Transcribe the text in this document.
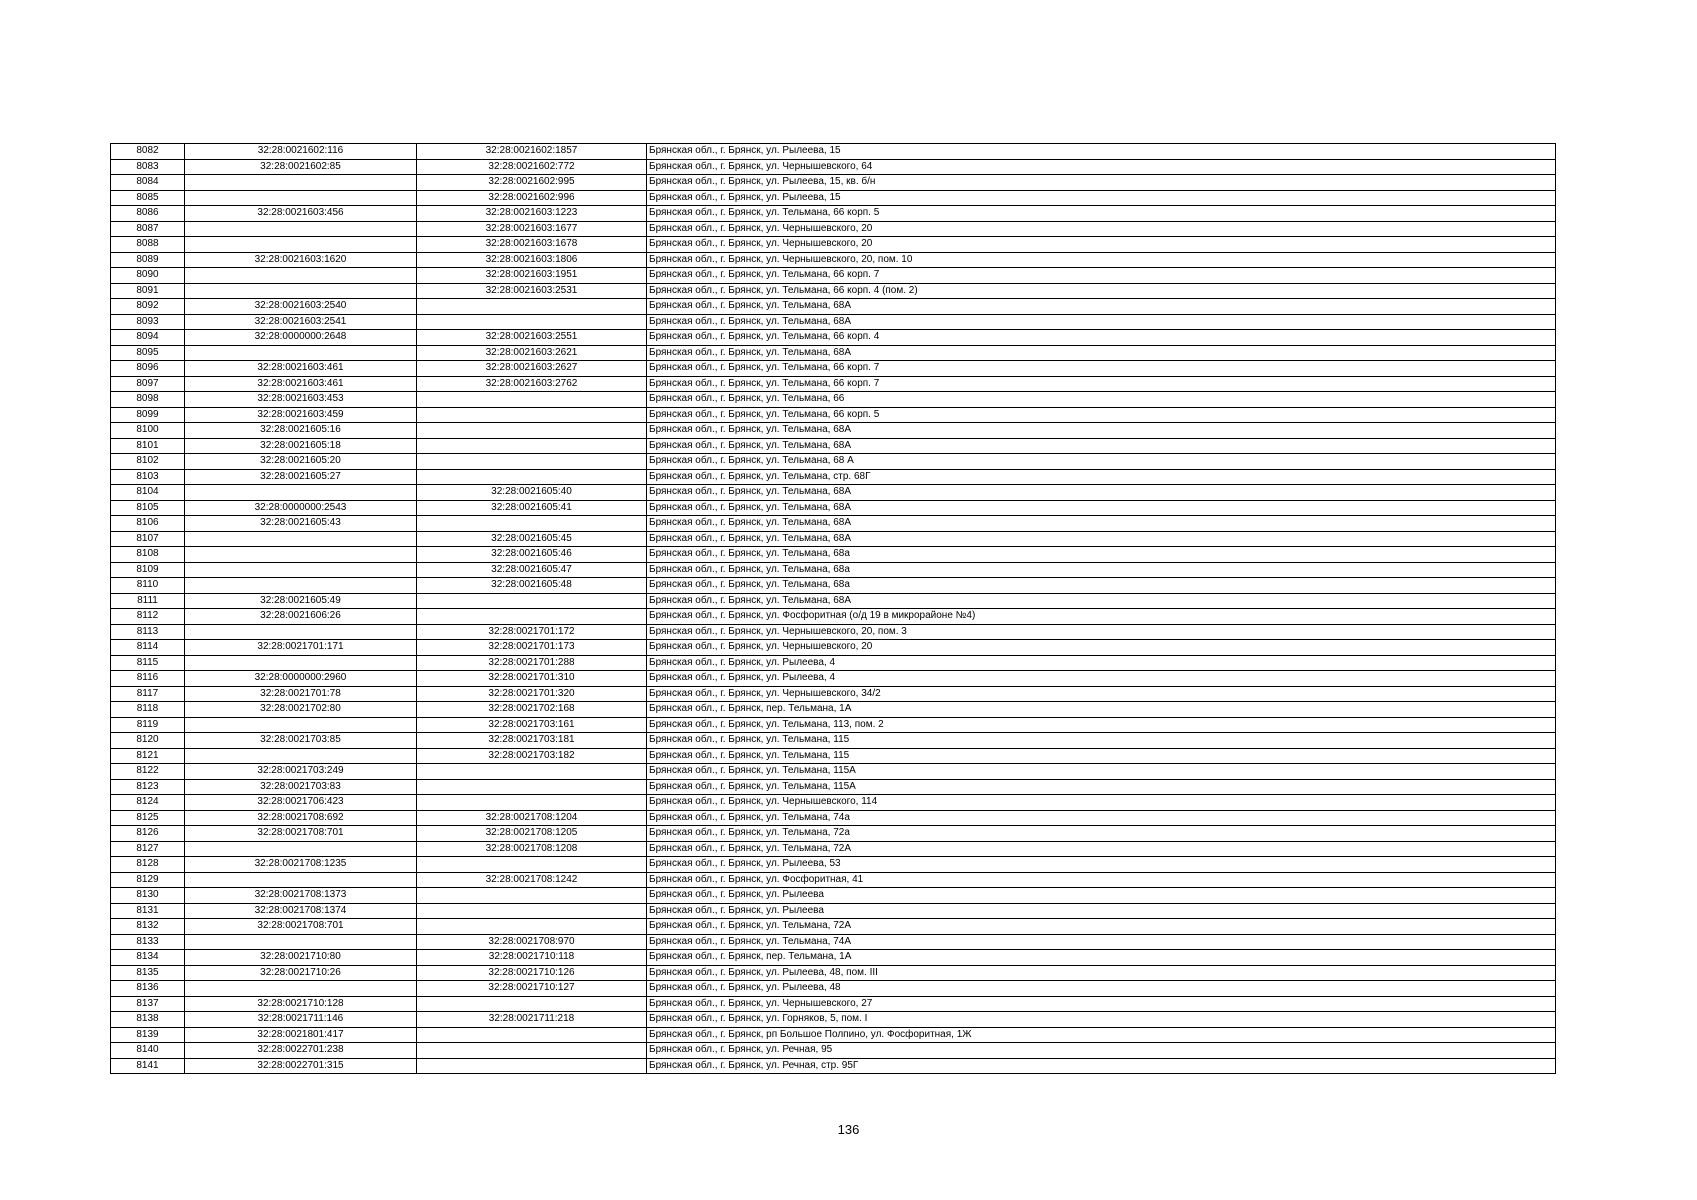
8082	32:28:0021602:116	32:28:0021602:1857	Брянская обл., г. Брянск, ул. Рылеева, 15
8083	32:28:0021602:85	32:28:0021602:772	Брянская обл., г. Брянск, ул. Чернышевского, 64
8084		32:28:0021602:995	Брянская обл., г. Брянск, ул. Рылеева, 15, кв. б/н
8085		32:28:0021602:996	Брянская обл., г. Брянск, ул. Рылеева, 15
8086	32:28:0021603:456	32:28:0021603:1223	Брянская обл., г. Брянск, ул. Тельмана, 66 корп. 5
8087		32:28:0021603:1677	Брянская обл., г. Брянск, ул. Чернышевского, 20
8088		32:28:0021603:1678	Брянская обл., г. Брянск, ул. Чернышевского, 20
8089	32:28:0021603:1620	32:28:0021603:1806	Брянская обл., г. Брянск, ул. Чернышевского, 20, пом. 10
8090		32:28:0021603:1951	Брянская обл., г. Брянск, ул. Тельмана, 66 корп. 7
8091		32:28:0021603:2531	Брянская обл., г. Брянск, ул. Тельмана, 66 корп. 4 (пом. 2)
8092	32:28:0021603:2540		Брянская обл., г. Брянск, ул. Тельмана, 68А
8093	32:28:0021603:2541		Брянская обл., г. Брянск, ул. Тельмана, 68А
8094	32:28:0000000:2648	32:28:0021603:2551	Брянская обл., г. Брянск, ул. Тельмана, 66 корп. 4
8095		32:28:0021603:2621	Брянская обл., г. Брянск, ул. Тельмана, 68А
8096	32:28:0021603:461	32:28:0021603:2627	Брянская обл., г. Брянск, ул. Тельмана, 66 корп. 7
8097	32:28:0021603:461	32:28:0021603:2762	Брянская обл., г. Брянск, ул. Тельмана, 66 корп. 7
8098	32:28:0021603:453		Брянская обл., г. Брянск, ул. Тельмана, 66
8099	32:28:0021603:459		Брянская обл., г. Брянск, ул. Тельмана, 66 корп. 5
8100	32:28:0021605:16		Брянская обл., г. Брянск, ул. Тельмана, 68А
8101	32:28:0021605:18		Брянская обл., г. Брянск, ул. Тельмана, 68А
8102	32:28:0021605:20		Брянская обл., г. Брянск, ул. Тельмана, 68 А
8103	32:28:0021605:27		Брянская обл., г. Брянск, ул. Тельмана, стр. 68Г
8104		32:28:0021605:40	Брянская обл., г. Брянск, ул. Тельмана, 68А
8105	32:28:0000000:2543	32:28:0021605:41	Брянская обл., г. Брянск, ул. Тельмана, 68А
8106	32:28:0021605:43		Брянская обл., г. Брянск, ул. Тельмана, 68А
8107		32:28:0021605:45	Брянская обл., г. Брянск, ул. Тельмана, 68А
8108		32:28:0021605:46	Брянская обл., г. Брянск, ул. Тельмана, 68а
8109		32:28:0021605:47	Брянская обл., г. Брянск, ул. Тельмана, 68а
8110		32:28:0021605:48	Брянская обл., г. Брянск, ул. Тельмана, 68а
8111	32:28:0021605:49		Брянская обл., г. Брянск, ул. Тельмана, 68А
8112	32:28:0021606:26		Брянская обл., г. Брянск, ул. Фосфоритная (о/д 19 в микрорайоне №4)
8113		32:28:0021701:172	Брянская обл., г. Брянск, ул. Чернышевского, 20, пом. 3
8114	32:28:0021701:171	32:28:0021701:173	Брянская обл., г. Брянск, ул. Чернышевского, 20
8115		32:28:0021701:288	Брянская обл., г. Брянск, ул. Рылеева, 4
8116	32:28:0000000:2960	32:28:0021701:310	Брянская обл., г. Брянск, ул. Рылеева, 4
8117	32:28:0021701:78	32:28:0021701:320	Брянская обл., г. Брянск, ул. Чернышевского, 34/2
8118	32:28:0021702:80	32:28:0021702:168	Брянская обл., г. Брянск, пер. Тельмана, 1А
8119		32:28:0021703:161	Брянская обл., г. Брянск, ул. Тельмана, 113, пом. 2
8120	32:28:0021703:85	32:28:0021703:181	Брянская обл., г. Брянск, ул. Тельмана, 115
8121		32:28:0021703:182	Брянская обл., г. Брянск, ул. Тельмана, 115
8122	32:28:0021703:249		Брянская обл., г. Брянск, ул. Тельмана, 115А
8123	32:28:0021703:83		Брянская обл., г. Брянск, ул. Тельмана, 115А
8124	32:28:0021706:423		Брянская обл., г. Брянск, ул. Чернышевского, 114
8125	32:28:0021708:692	32:28:0021708:1204	Брянская обл., г. Брянск, ул. Тельмана, 74а
8126	32:28:0021708:701	32:28:0021708:1205	Брянская обл., г. Брянск, ул. Тельмана, 72а
8127		32:28:0021708:1208	Брянская обл., г. Брянск, ул. Тельмана, 72А
8128	32:28:0021708:1235		Брянская обл., г. Брянск, ул. Рылеева, 53
8129		32:28:0021708:1242	Брянская обл., г. Брянск, ул. Фосфоритная, 41
8130	32:28:0021708:1373		Брянская обл., г. Брянск, ул. Рылеева
8131	32:28:0021708:1374		Брянская обл., г. Брянск, ул. Рылеева
8132	32:28:0021708:701		Брянская обл., г. Брянск, ул. Тельмана, 72А
8133		32:28:0021708:970	Брянская обл., г. Брянск, ул. Тельмана, 74А
8134	32:28:0021710:80	32:28:0021710:118	Брянская обл., г. Брянск, пер. Тельмана, 1А
8135	32:28:0021710:26	32:28:0021710:126	Брянская обл., г. Брянск, ул. Рылеева, 48, пом. III
8136		32:28:0021710:127	Брянская обл., г. Брянск, ул. Рылеева, 48
8137	32:28:0021710:128		Брянская обл., г. Брянск, ул. Чернышевского, 27
8138	32:28:0021711:146	32:28:0021711:218	Брянская обл., г. Брянск, ул. Горняков, 5, пом. I
8139	32:28:0021801:417		Брянская обл., г. Брянск, рп Большое Полпино, ул. Фосфоритная, 1Ж
8140	32:28:0022701:238		Брянская обл., г. Брянск, ул. Речная, 95
8141	32:28:0022701:315		Брянская обл., г. Брянск, ул. Речная, стр. 95Г
136
